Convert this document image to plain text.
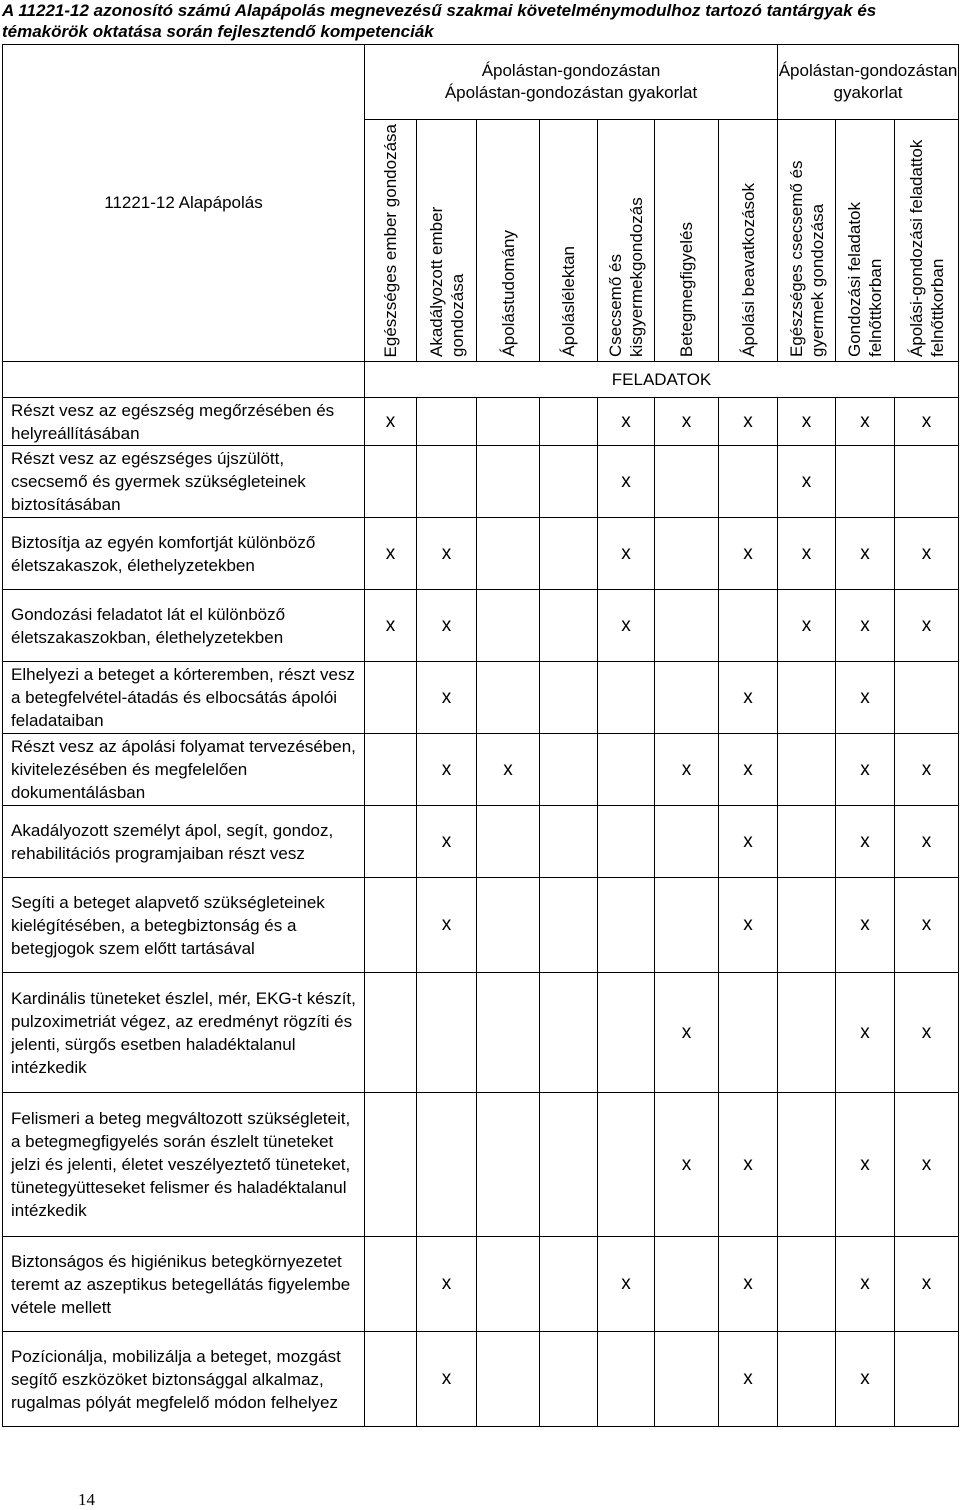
A 11221-12 azonosító számú Alapápolás megnevezésű szakmai követelménymodulhoz tartozó tantárgyak és témakörök oktatása során fejlesztendő kompetenciák
11221-12 Alapápolás	Ápolástan-gondozástan
Ápolástan-gondozástan gyakorlat							Ápolástan-gondozástan gyakorlat		

	Egészséges ember gondozása	Akadályozott ember gondozása	Ápolástudomány	Ápoláslélektan	Csecsemő és kisgyermekgondozás	Betegmegfigyelés	Ápolási beavatkozások	Egészséges csecsemő és gyermek gondozása	Gondozási feladatok felnőttkorban	Ápolási-gondozási feladattok felnőttkorban

	FELADATOK									
Részt vesz az egészség megőrzésében és helyreállításában	x				x	x	x	x	x	x
Részt vesz az egészséges újszülött, csecsemő és gyermek szükségleteinek biztosításában					x			x		
Biztosítja az egyén komfortját különböző életszakaszok, élethelyzetekben	x	x			x		x	x	x	x
Gondozási feladatot lát el különböző életszakaszokban, élethelyzetekben	x	x			x			x	x	x
Elhelyezi a beteget a kórteremben, részt vesz a betegfelvétel-átadás és elbocsátás ápolói feladataiban		x					x		x	
Részt vesz az ápolási folyamat tervezésében, kivitelezésében és megfelelően dokumentálásban		x	x			x	x		x	x
Akadályozott személyt ápol, segít, gondoz, rehabilitációs programjaiban részt vesz		x					x		x	x
Segíti a beteget alapvető szükségleteinek kielégítésében, a betegbiztonság és a betegjogok szem előtt tartásával		x					x		x	x
Kardinális tüneteket észlel, mér, EKG-t készít, pulzoximetriát végez, az eredményt rögzíti és jelenti, sürgős esetben haladéktalanul intézkedik						x			x	x
Felismeri a beteg megváltozott szükségleteit, a betegmegfigyelés során észlelt tüneteket jelzi és jelenti, életet veszélyeztető tüneteket, tünetegyütteseket felismer és haladéktalanul intézkedik						x	x		x	x
Biztonságos és higiénikus betegkörnyezetet teremt az aszeptikus betegellátás figyelembe vétele mellett		x			x		x		x	x
Pozícionálja, mobilizálja a beteget, mozgást segítő eszközöket biztonsággal alkalmaz, rugalmas pólyát megfelelő módon felhelyez		x					x		x	
14
